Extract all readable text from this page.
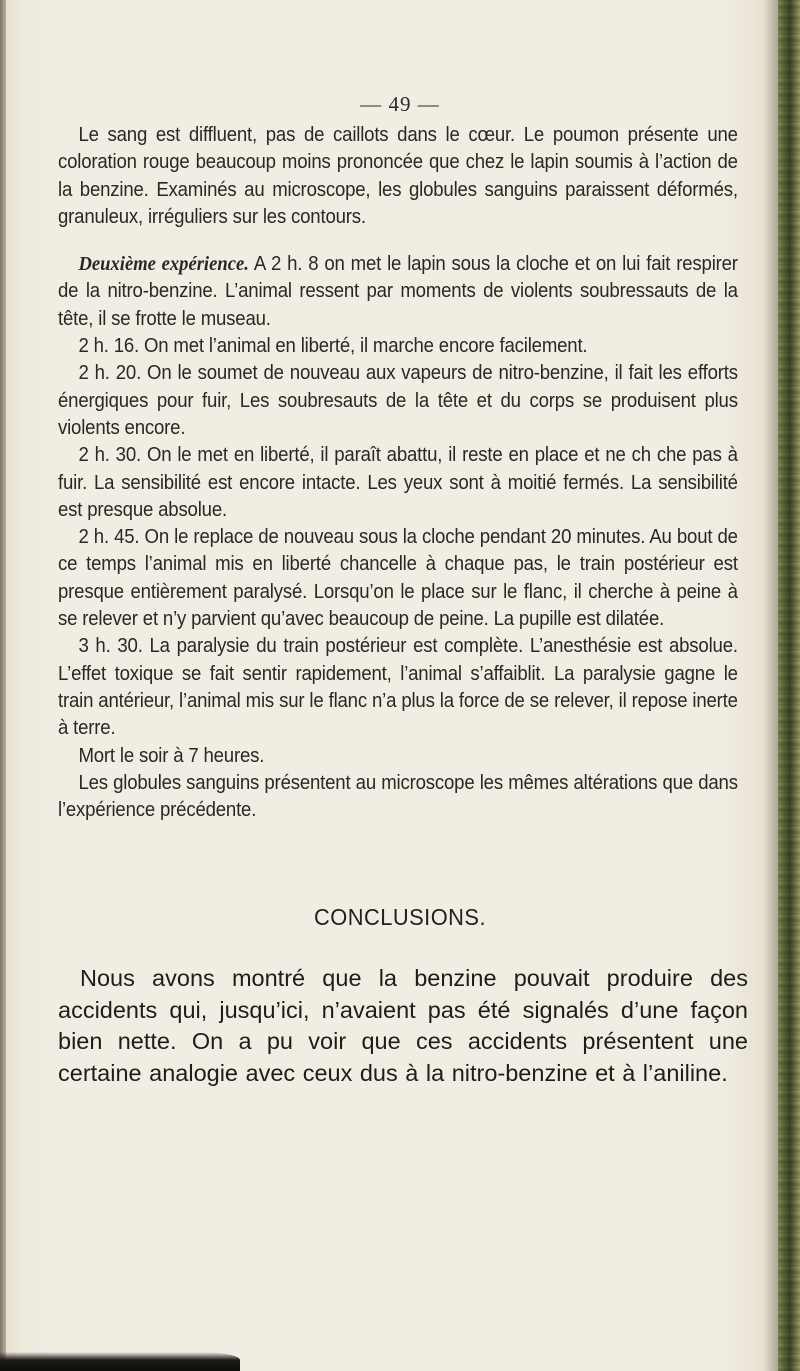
— 49 —

Le sang est diffluent, pas de caillots dans le cœur. Le poumon présente une coloration rouge beaucoup moins prononcée que chez le lapin soumis à l’action de la benzine. Examinés au microscope, les globules sanguins paraissent déformés, granuleux, irréguliers sur les contours.

Deuxième expérience. A 2 h. 8 on met le lapin sous la cloche et on lui fait respirer de la nitro-benzine. L’animal ressent par moments de violents soubressauts de la tête, il se frotte le museau.

2 h. 16. On met l’animal en liberté, il marche encore facilement.

2 h. 20. On le soumet de nouveau aux vapeurs de nitro-benzine, il fait les efforts énergiques pour fuir, Les soubresauts de la tête et du corps se produisent plus violents encore.

2 h. 30. On le met en liberté, il paraît abattu, il reste en place et ne ch che pas à fuir. La sensibilité est encore intacte. Les yeux sont à moitié fermés. La sensibilité est presque absolue.

2 h. 45. On le replace de nouveau sous la cloche pendant 20 minutes. Au bout de ce temps l’animal mis en liberté chancelle à chaque pas, le train postérieur est presque entièrement paralysé. Lorsqu’on le place sur le flanc, il cherche à peine à se relever et n’y parvient qu’avec beaucoup de peine. La pupille est dilatée.

3 h. 30. La paralysie du train postérieur est complète. L’anesthésie est absolue. L’effet toxique se fait sentir rapidement, l’animal s’affaiblit. La paralysie gagne le train antérieur, l’animal mis sur le flanc n’a plus la force de se relever, il repose inerte à terre.

Mort le soir à 7 heures.

Les globules sanguins présentent au microscope les mêmes altérations que dans l’expérience précédente.

CONCLUSIONS.

Nous avons montré que la benzine pouvait produire des accidents qui, jusqu’ici, n’avaient pas été signalés d’une façon bien nette. On a pu voir que ces accidents présentent une certaine analogie avec ceux dus à la nitro-benzine et à l’aniline.
